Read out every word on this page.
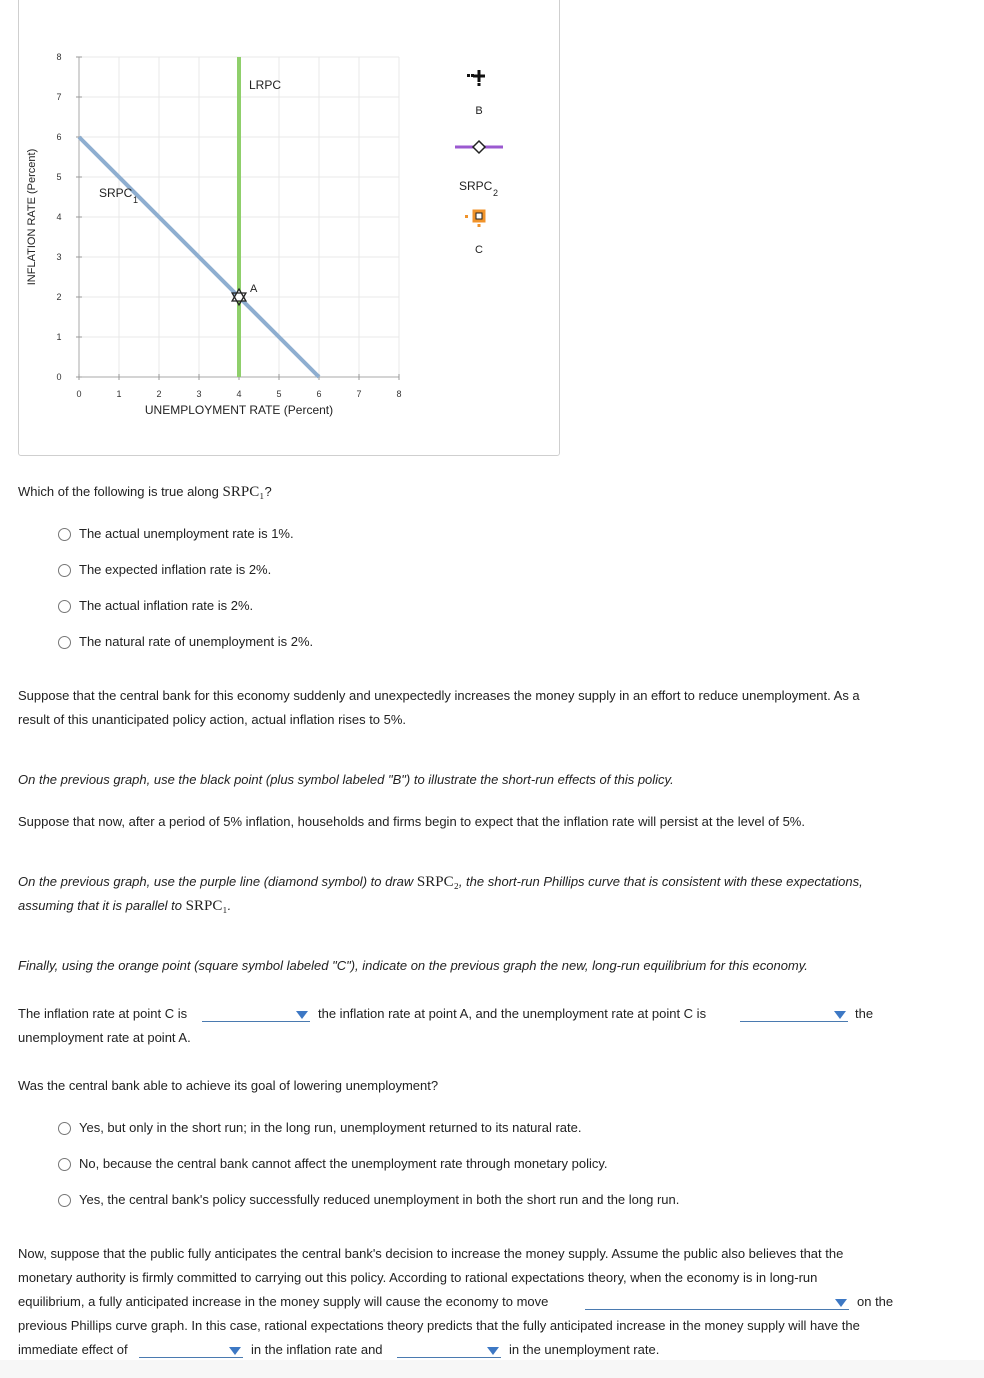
0	1	2	3	4	5	6	7	8
0
1
2
3
4
5
6
7
8
UNEMPLOYMENT RATE (Percent)
INFLATION RATE (Percent)
LRPC
SRPC 1
A
B
SRPC 2
C
Which of the following is true along SRPC₁?
The actual unemployment rate is 1%.
The expected inflation rate is 2%.
The actual inflation rate is 2%.
The natural rate of unemployment is 2%.
Suppose that the central bank for this economy suddenly and unexpectedly increases the money supply in an effort to reduce unemployment. As a
result of this unanticipated policy action, actual inflation rises to 5%.
On the previous graph, use the black point (plus symbol labeled "B") to illustrate the short-run effects of this policy.
Suppose that now, after a period of 5% inflation, households and firms begin to expect that the inflation rate will persist at the level of 5%.
On the previous graph, use the purple line (diamond symbol) to draw SRPC₂, the short-run Phillips curve that is consistent with these expectations,
assuming that it is parallel to SRPC₁.
Finally, using the orange point (square symbol labeled "C"), indicate on the previous graph the new, long-run equilibrium for this economy.
The inflation rate at point C is	the inflation rate at point A, and the unemployment rate at point C is	the
unemployment rate at point A.
Was the central bank able to achieve its goal of lowering unemployment?
Yes, but only in the short run; in the long run, unemployment returned to its natural rate.
No, because the central bank cannot affect the unemployment rate through monetary policy.
Yes, the central bank's policy successfully reduced unemployment in both the short run and the long run.
Now, suppose that the public fully anticipates the central bank's decision to increase the money supply. Assume the public also believes that the
monetary authority is firmly committed to carrying out this policy. According to rational expectations theory, when the economy is in long-run
equilibrium, a fully anticipated increase in the money supply will cause the economy to move	on the
previous Phillips curve graph. In this case, rational expectations theory predicts that the fully anticipated increase in the money supply will have the
immediate effect of	in the inflation rate and	in the unemployment rate.
